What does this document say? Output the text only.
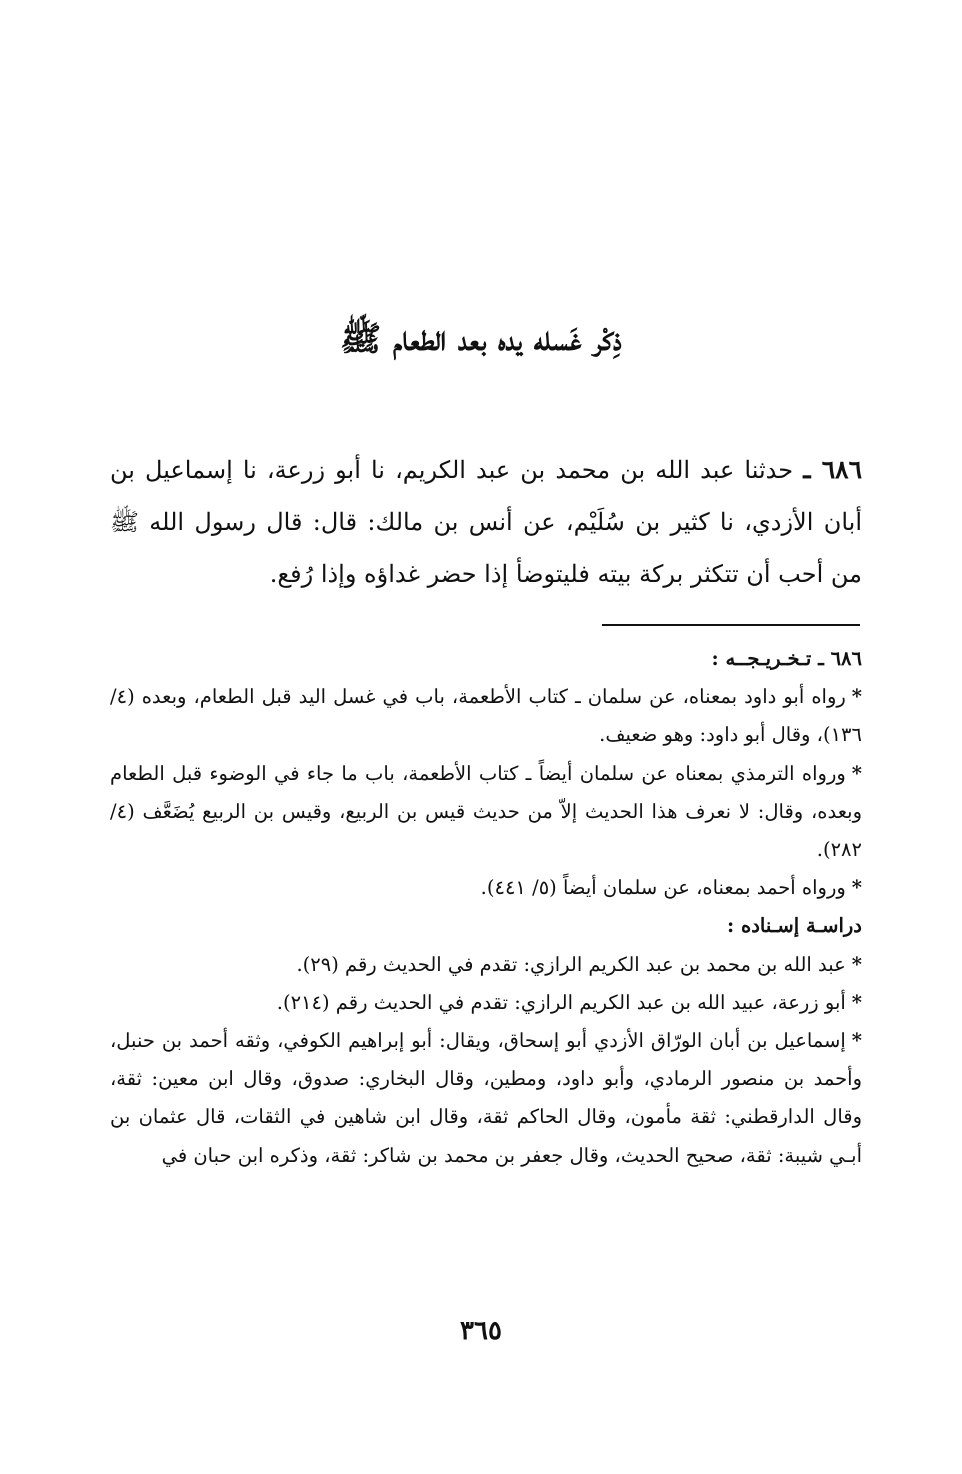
ذِكْر غَسله يده بعد الطعام ﷺ
٦٨٦ ـ حدثنا عبد الله بن محمد بن عبد الكريم، نا أبو زرعة، نا إسماعيل بن أبان الأزدي، نا كثير بن سُلَيْم، عن أنس بن مالك: قال: قال رسول الله ﷺ من أحب أن تتكثر بركة بيته فليتوضأ إذا حضر غداؤه وإذا رُفع.

٦٨٦ ـ تـخـريـجــه :

*رواه أبو داود بمعناه، عن سلمان ـ كتاب الأطعمة، باب في غسل اليد قبل الطعام، وبعده (٤/ ١٣٦)، وقال أبو داود: وهو ضعيف.

*ورواه الترمذي بمعناه عن سلمان أيضاً ـ كتاب الأطعمة، باب ما جاء في الوضوء قبل الطعام وبعده، وقال: لا نعرف هذا الحديث إلاّ من حديث قيس بن الربيع، وقيس بن الربيع يُضَعَّف (٤/ ٢٨٢).

*ورواه أحمد بمعناه، عن سلمان أيضاً (٥/ ٤٤١).

دراسـة إسـناده :

*عبد الله بن محمد بن عبد الكريم الرازي: تقدم في الحديث رقم (٢٩).

*أبو زرعة، عبيد الله بن عبد الكريم الرازي: تقدم في الحديث رقم (٢١٤).

*إسماعيل بن أبان الورّاق الأزدي أبو إسحاق، ويقال: أبو إبراهيم الكوفي، وثقه أحمد بن حنبل، وأحمد بن منصور الرمادي، وأبو داود، ومطين، وقال البخاري: صدوق، وقال ابن معين: ثقة، وقال الدارقطني: ثقة مأمون، وقال الحاكم ثقة، وقال ابن شاهين في الثقات، قال عثمان بن أبـي شيبة: ثقة، صحيح الحديث، وقال جعفر بن محمد بن شاكر: ثقة، وذكره ابن حبان في

٣٦٥
